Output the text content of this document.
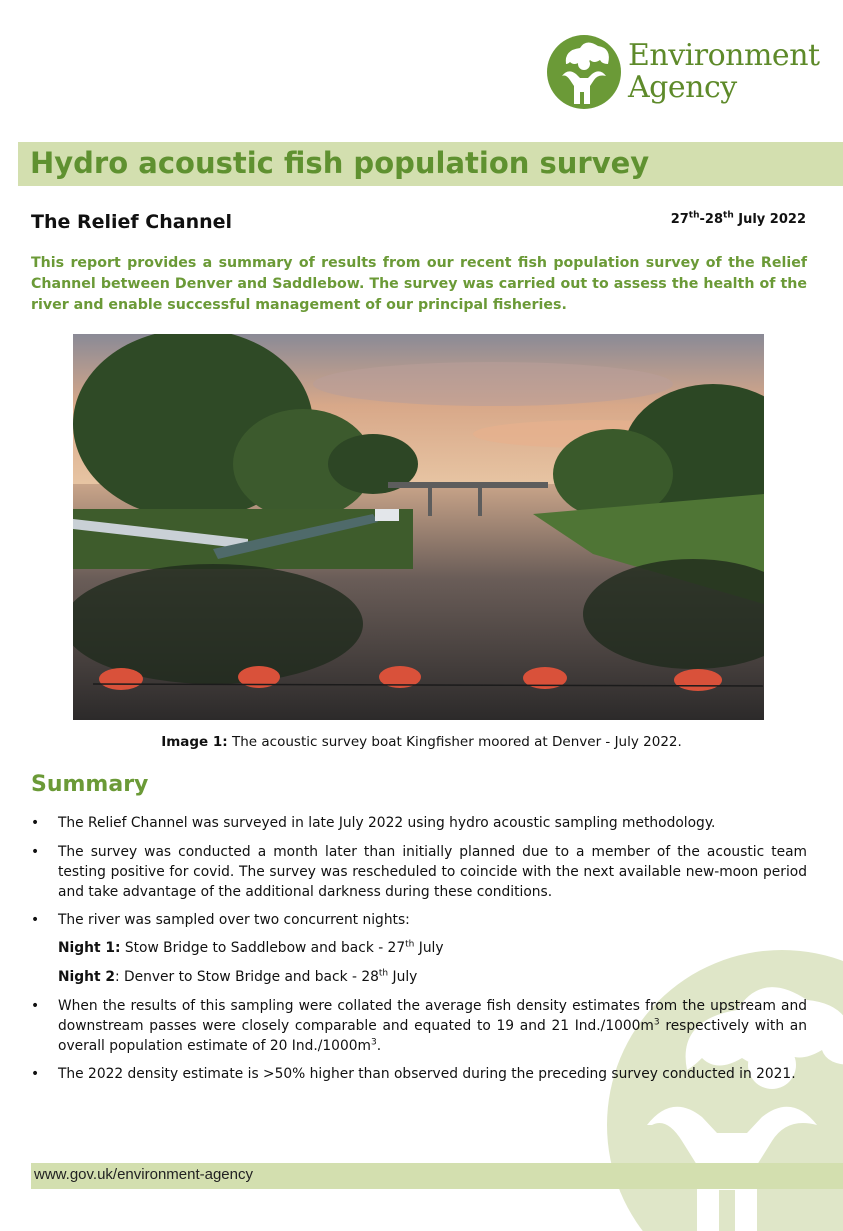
Environment
Agency
Hydro acoustic fish population survey
The Relief Channel	27th-28th July 2022
This report provides a summary of results from our recent fish population survey of the Relief Channel between Denver and Saddlebow. The survey was carried out to assess the health of the river and enable successful management of our principal fisheries.
Image 1: The acoustic survey boat Kingfisher moored at Denver - July 2022.
Summary
• The Relief Channel was surveyed in late July 2022 using hydro acoustic sampling methodology.
• The survey was conducted a month later than initially planned due to a member of the acoustic team testing positive for covid. The survey was rescheduled to coincide with the next available new-moon period and take advantage of the additional darkness during these conditions.
• The river was sampled over two concurrent nights:
Night 1: Stow Bridge to Saddlebow and back - 27th July
Night 2: Denver to Stow Bridge and back - 28th July
• When the results of this sampling were collated the average fish density estimates from the upstream and downstream passes were closely comparable and equated to 19 and 21 $Ind./1000m^3$ respectively with an overall population estimate of 20 $Ind./1000m^3$.
• The 2022 density estimate is >50% higher than observed during the preceding survey conducted in 2021.
www.gov.uk/environment-agency
